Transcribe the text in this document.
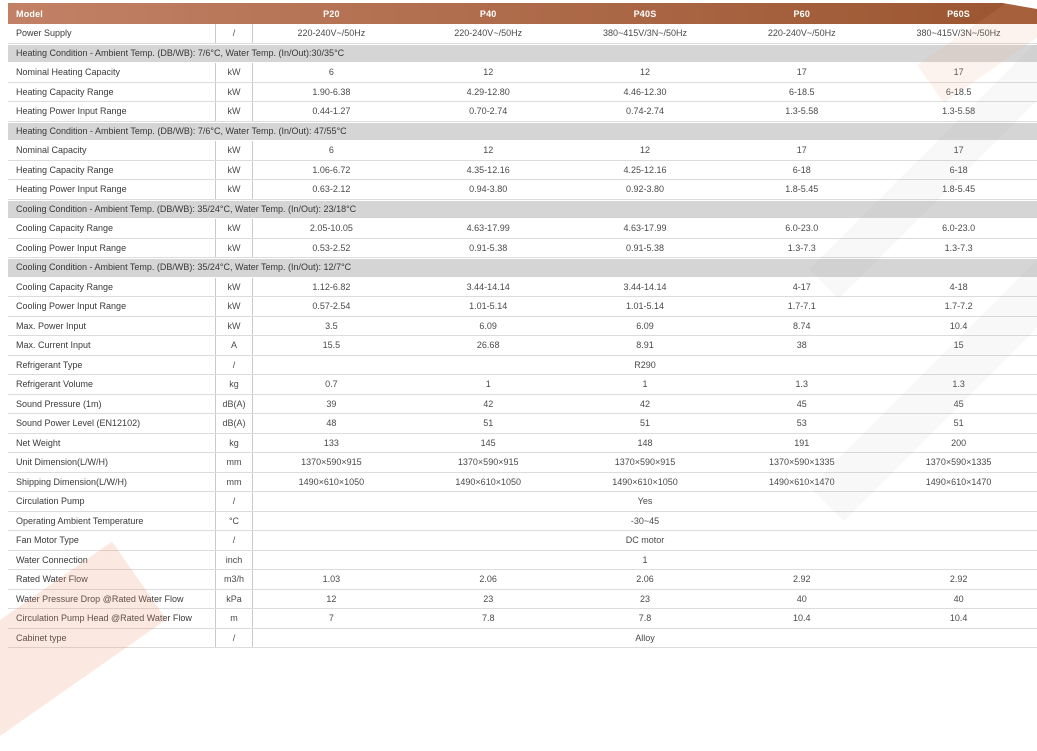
Model	P20	P40	P40S	P60	P60S
Power Supply	/	220-240V~/50Hz	220-240V~/50Hz	380~415V/3N~/50Hz	220-240V~/50Hz	380~415V/3N~/50Hz
Heating Condition - Ambient Temp. (DB/WB): 7/6°C, Water Temp. (In/Out):30/35°C
Nominal Heating Capacity	kW	6	12	12	17	17
Heating Capacity Range	kW	1.90-6.38	4.29-12.80	4.46-12.30	6-18.5	6-18.5
Heating Power Input Range	kW	0.44-1.27	0.70-2.74	0.74-2.74	1.3-5.58	1.3-5.58
Heating Condition - Ambient Temp. (DB/WB): 7/6°C, Water Temp. (In/Out): 47/55°C
Nominal Capacity	kW	6	12	12	17	17
Heating Capacity Range	kW	1.06-6.72	4.35-12.16	4.25-12.16	6-18	6-18
Heating Power Input Range	kW	0.63-2.12	0.94-3.80	0.92-3.80	1.8-5.45	1.8-5.45
Cooling Condition - Ambient Temp. (DB/WB): 35/24°C, Water Temp. (In/Out): 23/18°C
Cooling Capacity Range	kW	2.05-10.05	4.63-17.99	4.63-17.99	6.0-23.0	6.0-23.0
Cooling Power Input Range	kW	0.53-2.52	0.91-5.38	0.91-5.38	1.3-7.3	1.3-7.3
Cooling Condition - Ambient Temp. (DB/WB): 35/24°C, Water Temp. (In/Out): 12/7°C
Cooling Capacity Range	kW	1.12-6.82	3.44-14.14	3.44-14.14	4-17	4-18
Cooling Power Input Range	kW	0.57-2.54	1.01-5.14	1.01-5.14	1.7-7.1	1.7-7.2
Max. Power Input	kW	3.5	6.09	6.09	8.74	10.4
Max. Current Input	A	15.5	26.68	8.91	38	15
Refrigerant Type	/	R290
Refrigerant Volume	kg	0.7	1	1	1.3	1.3
Sound Pressure (1m)	dB(A)	39	42	42	45	45
Sound Power Level (EN12102)	dB(A)	48	51	51	53	51
Net Weight	kg	133	145	148	191	200
Unit Dimension(L/W/H)	mm	1370×590×915	1370×590×915	1370×590×915	1370×590×1335	1370×590×1335
Shipping Dimension(L/W/H)	mm	1490×610×1050	1490×610×1050	1490×610×1050	1490×610×1470	1490×610×1470
Circulation Pump	/	Yes
Operating Ambient Temperature	°C	-30~45
Fan Motor Type	/	DC motor
Water Connection	inch	1
Rated Water Flow	m3/h	1.03	2.06	2.06	2.92	2.92
Water Pressure Drop @Rated Water Flow	kPa	12	23	23	40	40
Circulation Pump Head @Rated Water Flow	m	7	7.8	7.8	10.4	10.4
Cabinet type	/	Alloy
